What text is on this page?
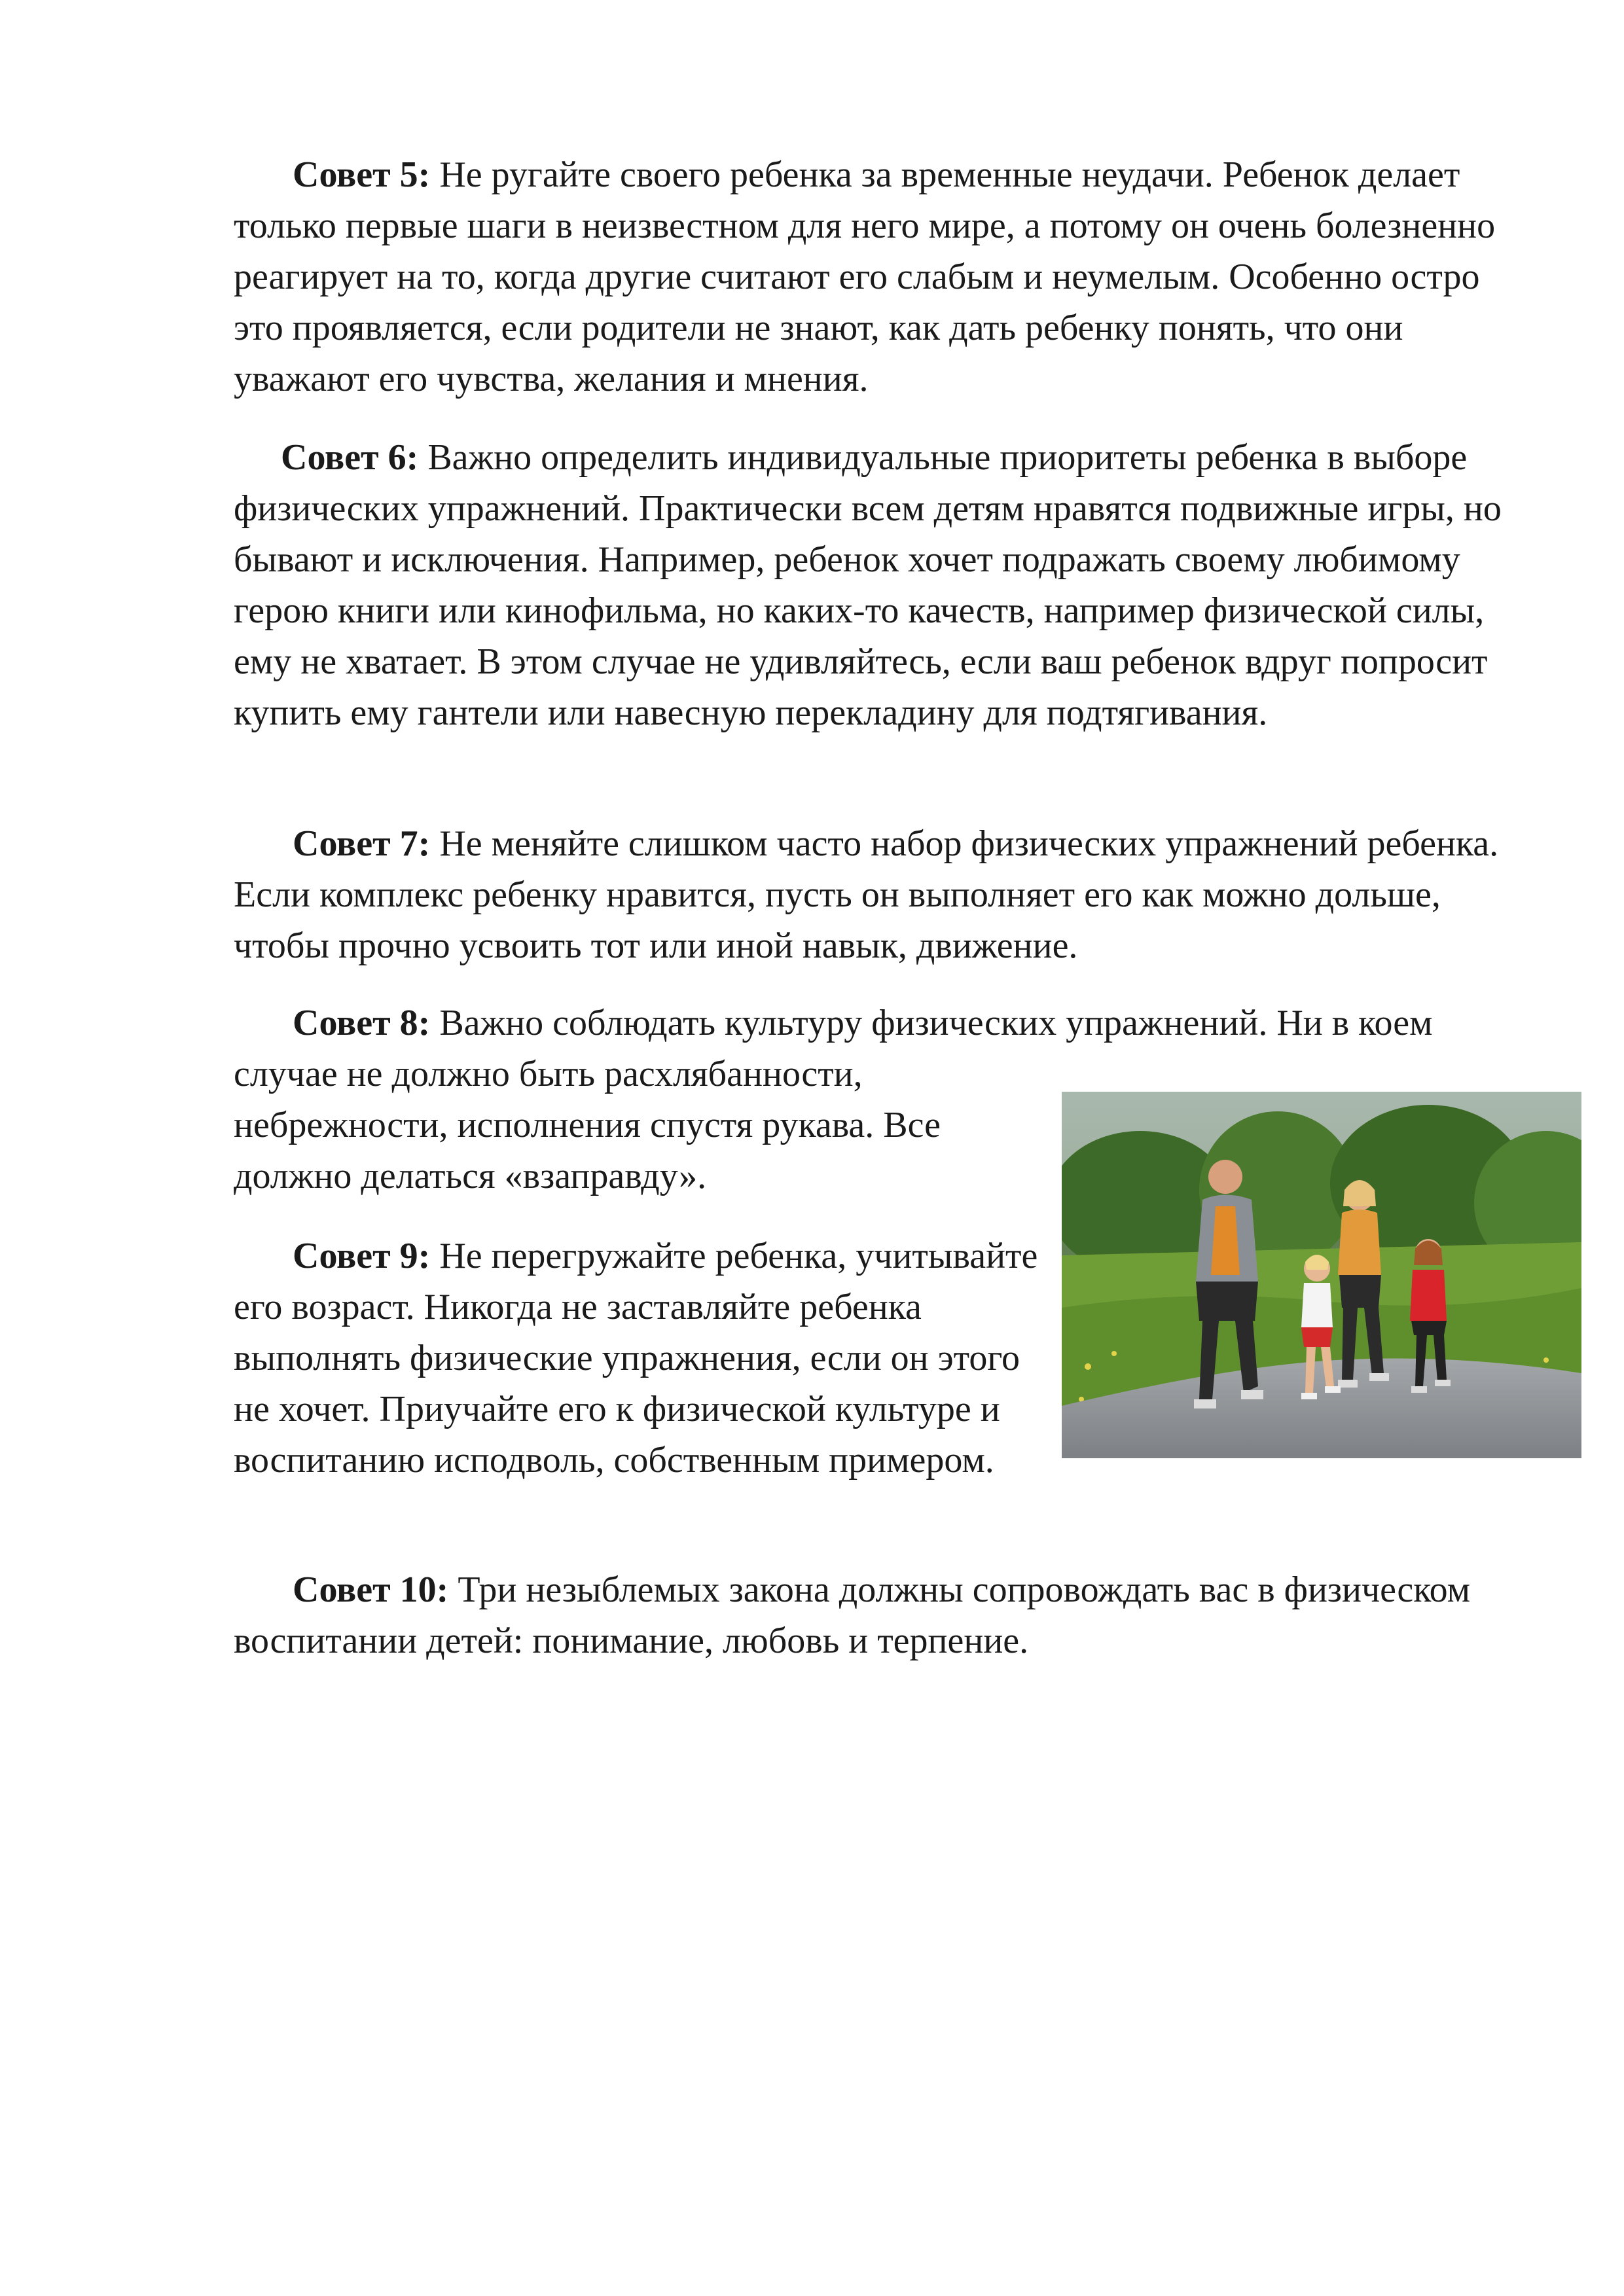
Совет 5: Не ругайте своего ребенка за временные неудачи. Ребенок делает только первые шаги в неизвестном для него мире, а потому он очень болезненно реагирует на то, когда другие считают его слабым и неумелым. Особенно остро это проявляется, если родители не знают, как дать ребенку понять, что они уважают его чувства, желания и мнения.

Совет 6: Важно определить индивидуальные приоритеты ребенка в выборе физических упражнений. Практически всем детям нравятся подвижные игры, но бывают и исключения. Например, ребенок хочет подражать своему любимому герою книги или кинофильма, но каких-то качеств, например физической силы, ему не хватает. В этом случае не удивляйтесь, если ваш ребенок вдруг попросит купить ему гантели или навесную перекладину для подтягивания.

Совет 7: Не меняйте слишком часто набор физических упражнений ребенка. Если комплекс ребенку нравится, пусть он выполняет его как можно дольше, чтобы прочно усвоить тот или иной навык, движение.

Совет 8: Важно соблюдать культуру физических упражнений. Ни в коем
случае не должно быть расхлябанности, небрежности, исполнения спустя рукава. Все должно делаться «взаправду».

Совет 9: Не перегружайте ребенка, учитывайте его возраст. Никогда не заставляйте ребенка выполнять физические упражнения, если он этого не хочет. Приучайте его к физической культуре и воспитанию исподволь, собственным примером.

Совет 10: Три незыблемых закона должны сопровождать вас в физическом воспитании детей: понимание, любовь и терпение.
